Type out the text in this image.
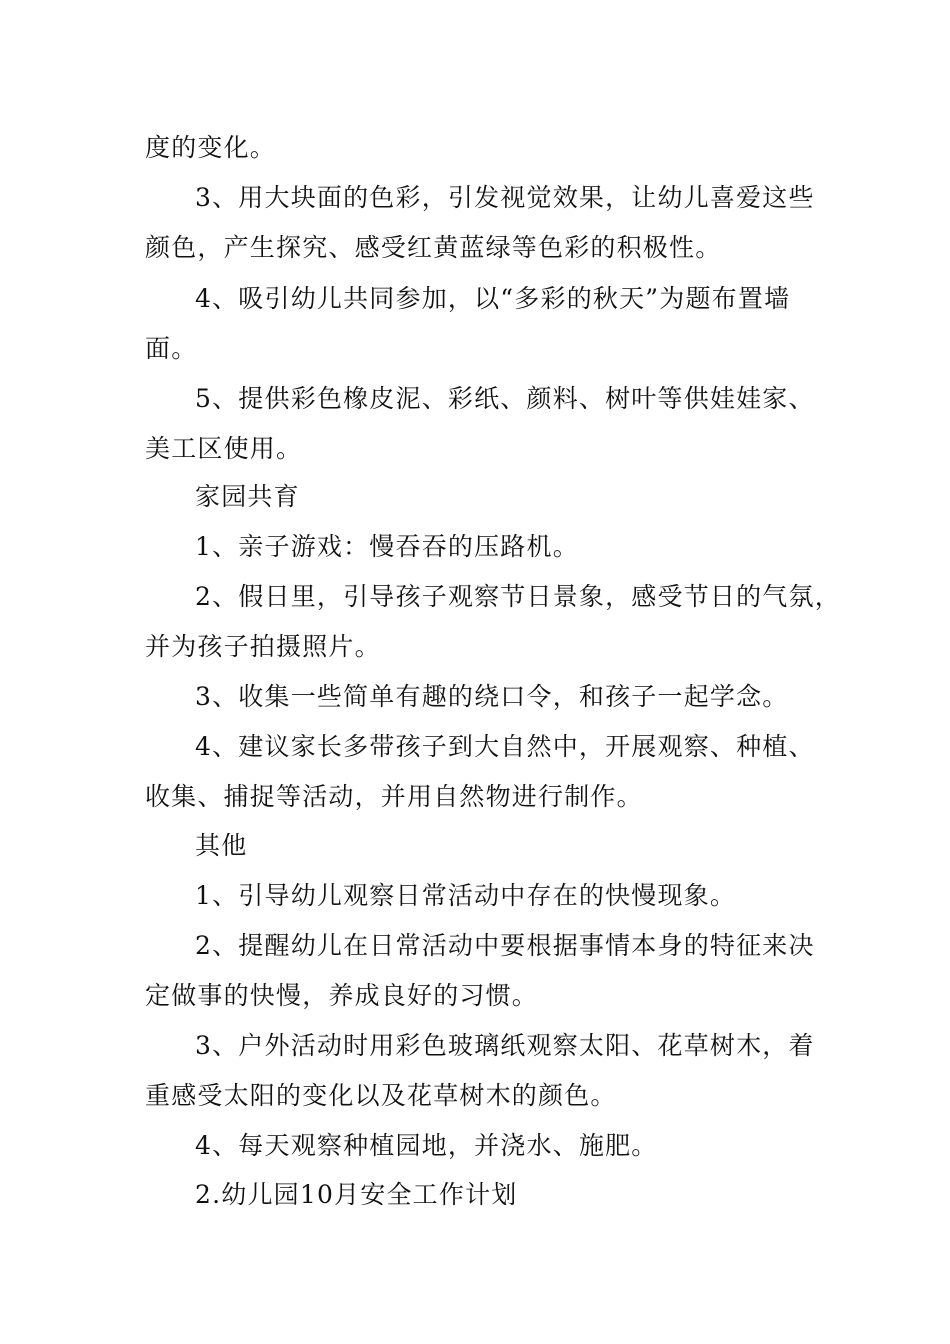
度的变化。
3、用大块面的色彩，引发视觉效果，让幼儿喜爱这些
颜色，产生探究、感受红黄蓝绿等色彩的积极性。
4、吸引幼儿共同参加，以“多彩的秋天”为题布置墙
面。
5、提供彩色橡皮泥、彩纸、颜料、树叶等供娃娃家、
美工区使用。
家园共育
1、亲子游戏：慢吞吞的压路机。
2、假日里，引导孩子观察节日景象，感受节日的气氛，
并为孩子拍摄照片。
3、收集一些简单有趣的绕口令，和孩子一起学念。
4、建议家长多带孩子到大自然中，开展观察、种植、
收集、捕捉等活动，并用自然物进行制作。
其他
1、引导幼儿观察日常活动中存在的快慢现象。
2、提醒幼儿在日常活动中要根据事情本身的特征来决
定做事的快慢，养成良好的习惯。
3、户外活动时用彩色玻璃纸观察太阳、花草树木，着
重感受太阳的变化以及花草树木的颜色。
4、每天观察种植园地，并浇水、施肥。
2.幼儿园10月安全工作计划
